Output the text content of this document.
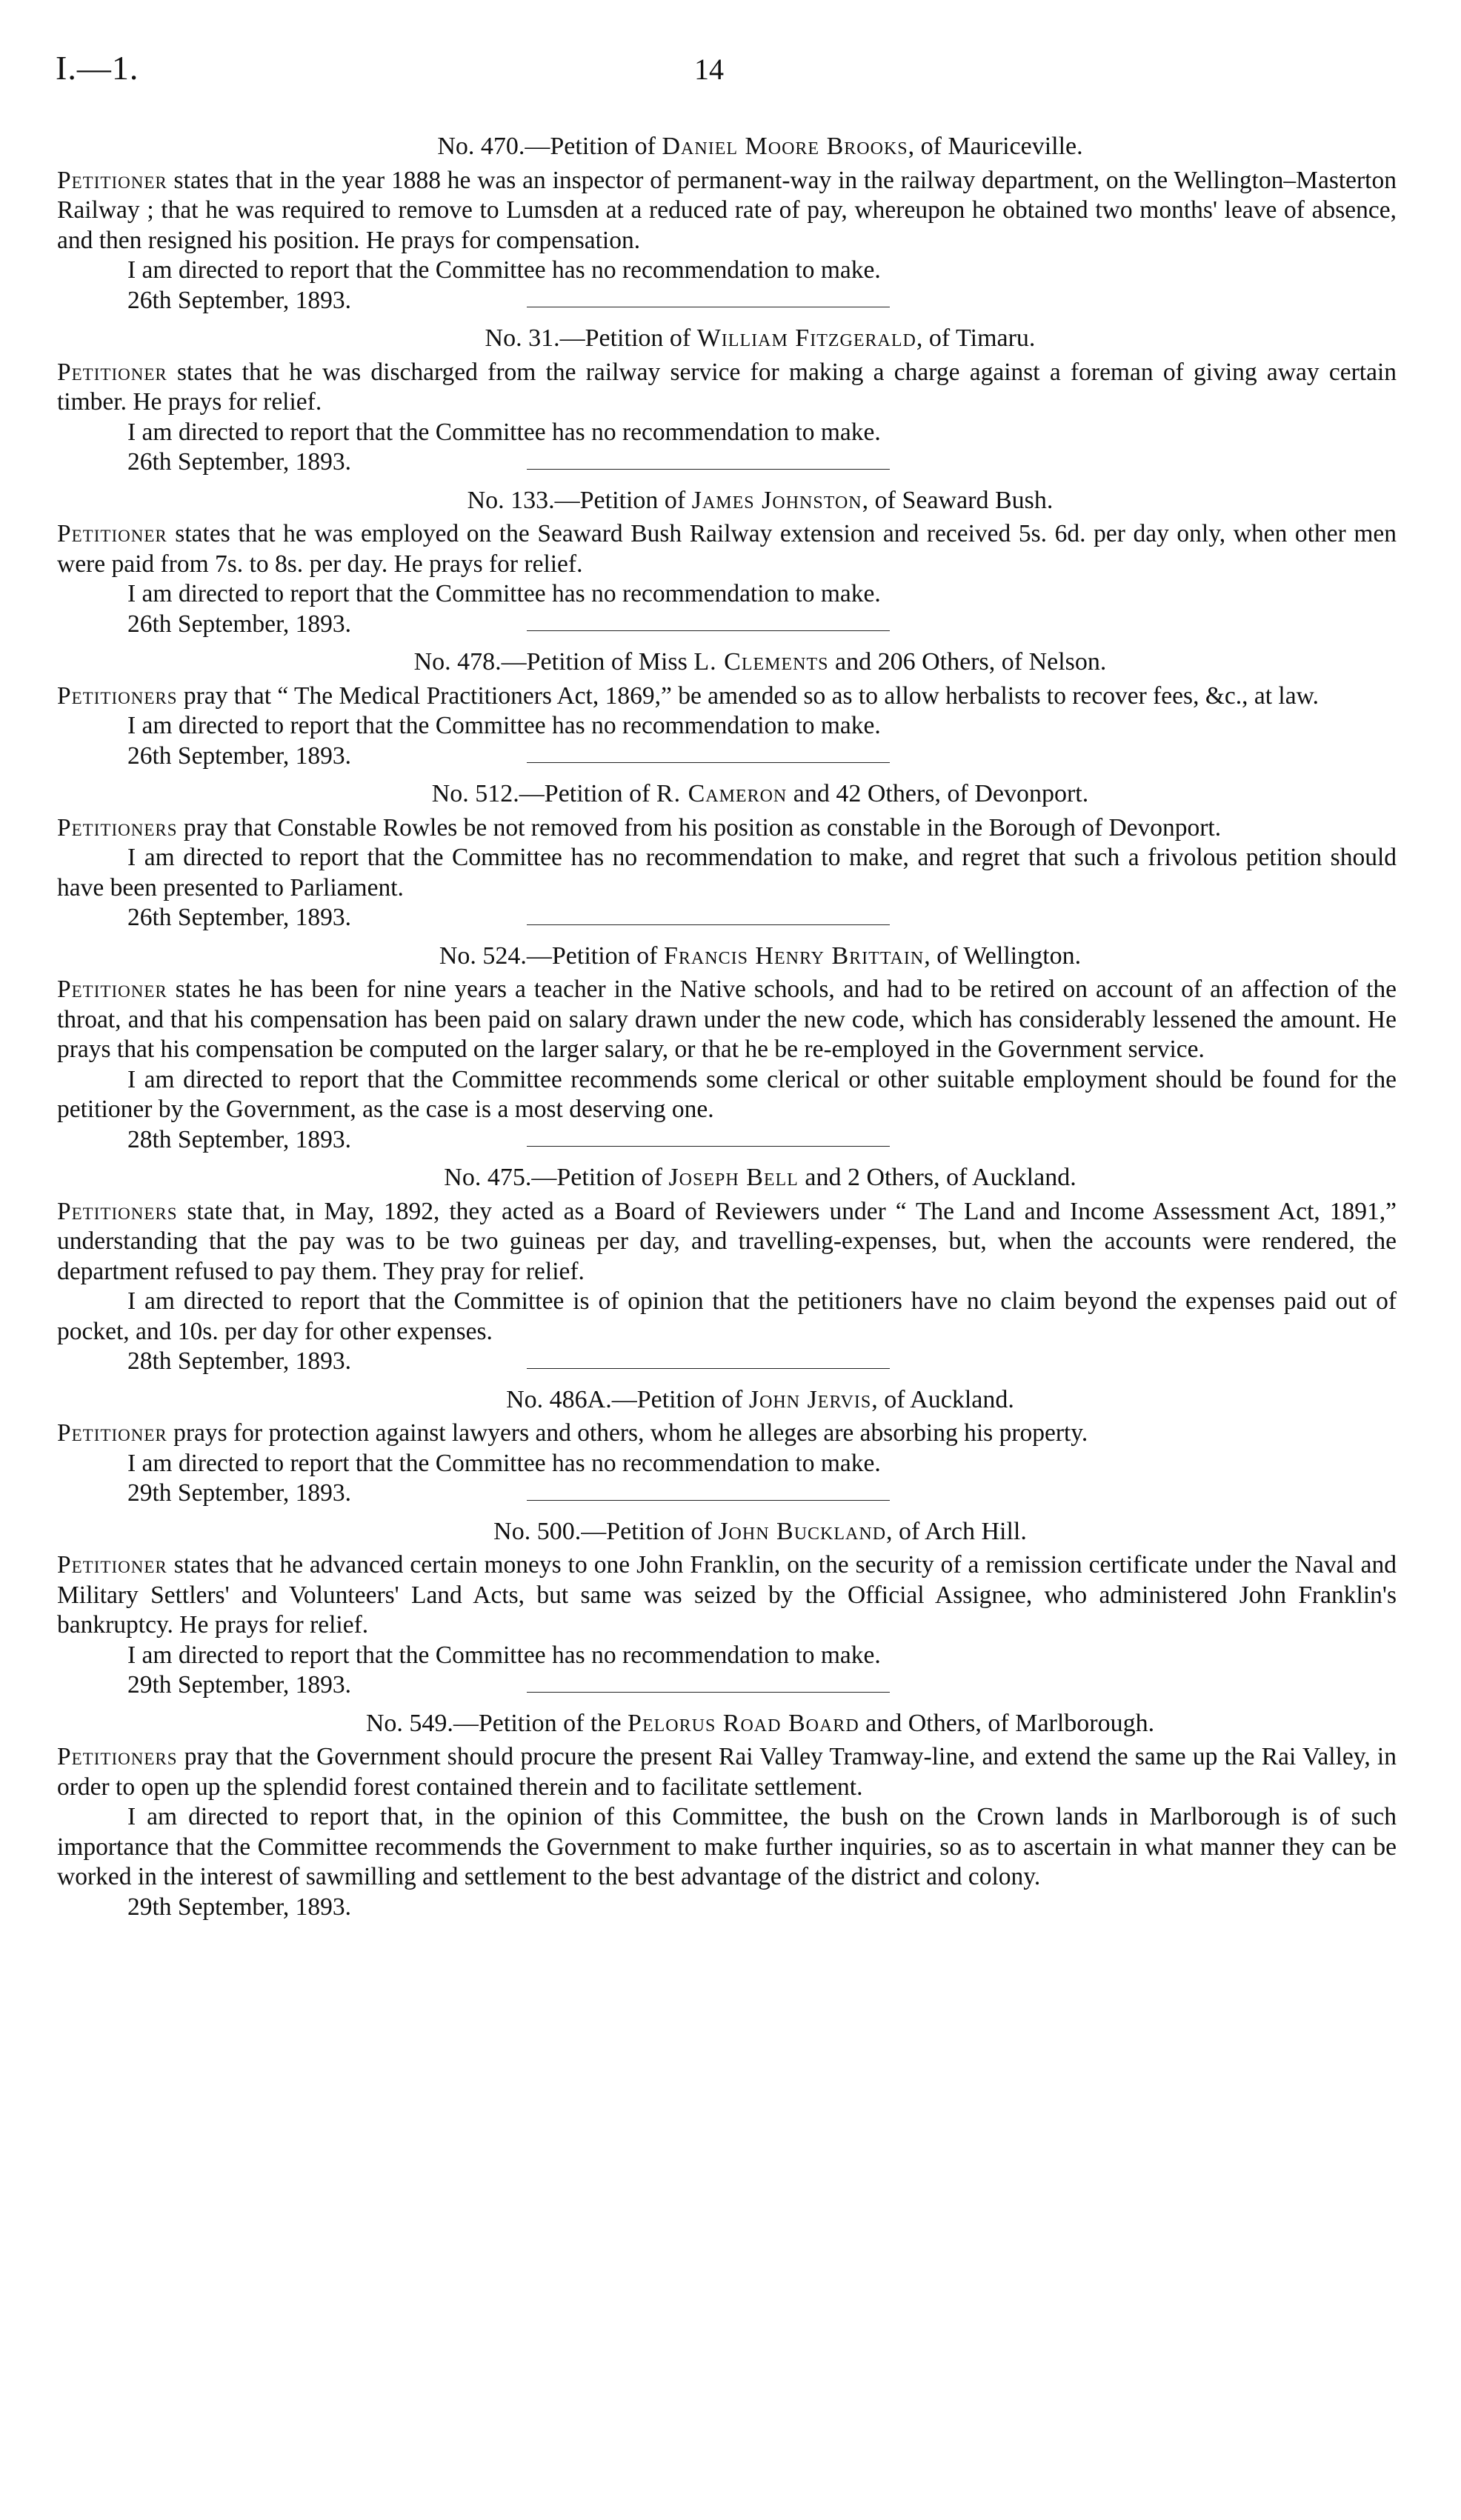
I.—1.	14
No. 470.—Petition of Daniel Moore Brooks, of Mauriceville.

Petitioner states that in the year 1888 he was an inspector of permanent-way in the railway department, on the Wellington–Masterton Railway ; that he was required to remove to Lumsden at a reduced rate of pay, whereupon he obtained two months' leave of absence, and then resigned his position. He prays for compensation.

I am directed to report that the Committee has no recommendation to make.

26th September, 1893.

No. 31.—Petition of William Fitzgerald, of Timaru.

Petitioner states that he was discharged from the railway service for making a charge against a foreman of giving away certain timber. He prays for relief.

I am directed to report that the Committee has no recommendation to make.

26th September, 1893.

No. 133.—Petition of James Johnston, of Seaward Bush.

Petitioner states that he was employed on the Seaward Bush Railway extension and received 5s. 6d. per day only, when other men were paid from 7s. to 8s. per day. He prays for relief.

I am directed to report that the Committee has no recommendation to make.

26th September, 1893.

No. 478.—Petition of Miss L. Clements and 206 Others, of Nelson.

Petitioners pray that “ The Medical Practitioners Act, 1869,” be amended so as to allow herbalists to recover fees, &c., at law.

I am directed to report that the Committee has no recommendation to make.

26th September, 1893.

No. 512.—Petition of R. Cameron and 42 Others, of Devonport.

Petitioners pray that Constable Rowles be not removed from his position as constable in the Borough of Devonport.

I am directed to report that the Committee has no recommendation to make, and regret that such a frivolous petition should have been presented to Parliament.

26th September, 1893.

No. 524.—Petition of Francis Henry Brittain, of Wellington.

Petitioner states he has been for nine years a teacher in the Native schools, and had to be retired on account of an affection of the throat, and that his compensation has been paid on salary drawn under the new code, which has considerably lessened the amount. He prays that his compensation be computed on the larger salary, or that he be re-employed in the Government service.

I am directed to report that the Committee recommends some clerical or other suitable employment should be found for the petitioner by the Government, as the case is a most deserving one.

28th September, 1893.

No. 475.—Petition of Joseph Bell and 2 Others, of Auckland.

Petitioners state that, in May, 1892, they acted as a Board of Reviewers under “ The Land and Income Assessment Act, 1891,” understanding that the pay was to be two guineas per day, and travelling-expenses, but, when the accounts were rendered, the department refused to pay them. They pray for relief.

I am directed to report that the Committee is of opinion that the petitioners have no claim beyond the expenses paid out of pocket, and 10s. per day for other expenses.

28th September, 1893.

No. 486A.—Petition of John Jervis, of Auckland.

Petitioner prays for protection against lawyers and others, whom he alleges are absorbing his property.

I am directed to report that the Committee has no recommendation to make.

29th September, 1893.

No. 500.—Petition of John Buckland, of Arch Hill.

Petitioner states that he advanced certain moneys to one John Franklin, on the security of a remission certificate under the Naval and Military Settlers' and Volunteers' Land Acts, but same was seized by the Official Assignee, who administered John Franklin's bankruptcy. He prays for relief.

I am directed to report that the Committee has no recommendation to make.

29th September, 1893.

No. 549.—Petition of the Pelorus Road Board and Others, of Marlborough.

Petitioners pray that the Government should procure the present Rai Valley Tramway-line, and extend the same up the Rai Valley, in order to open up the splendid forest contained therein and to facilitate settlement.

I am directed to report that, in the opinion of this Committee, the bush on the Crown lands in Marlborough is of such importance that the Committee recommends the Government to make further inquiries, so as to ascertain in what manner they can be worked in the interest of sawmilling and settlement to the best advantage of the district and colony.

29th September, 1893.
